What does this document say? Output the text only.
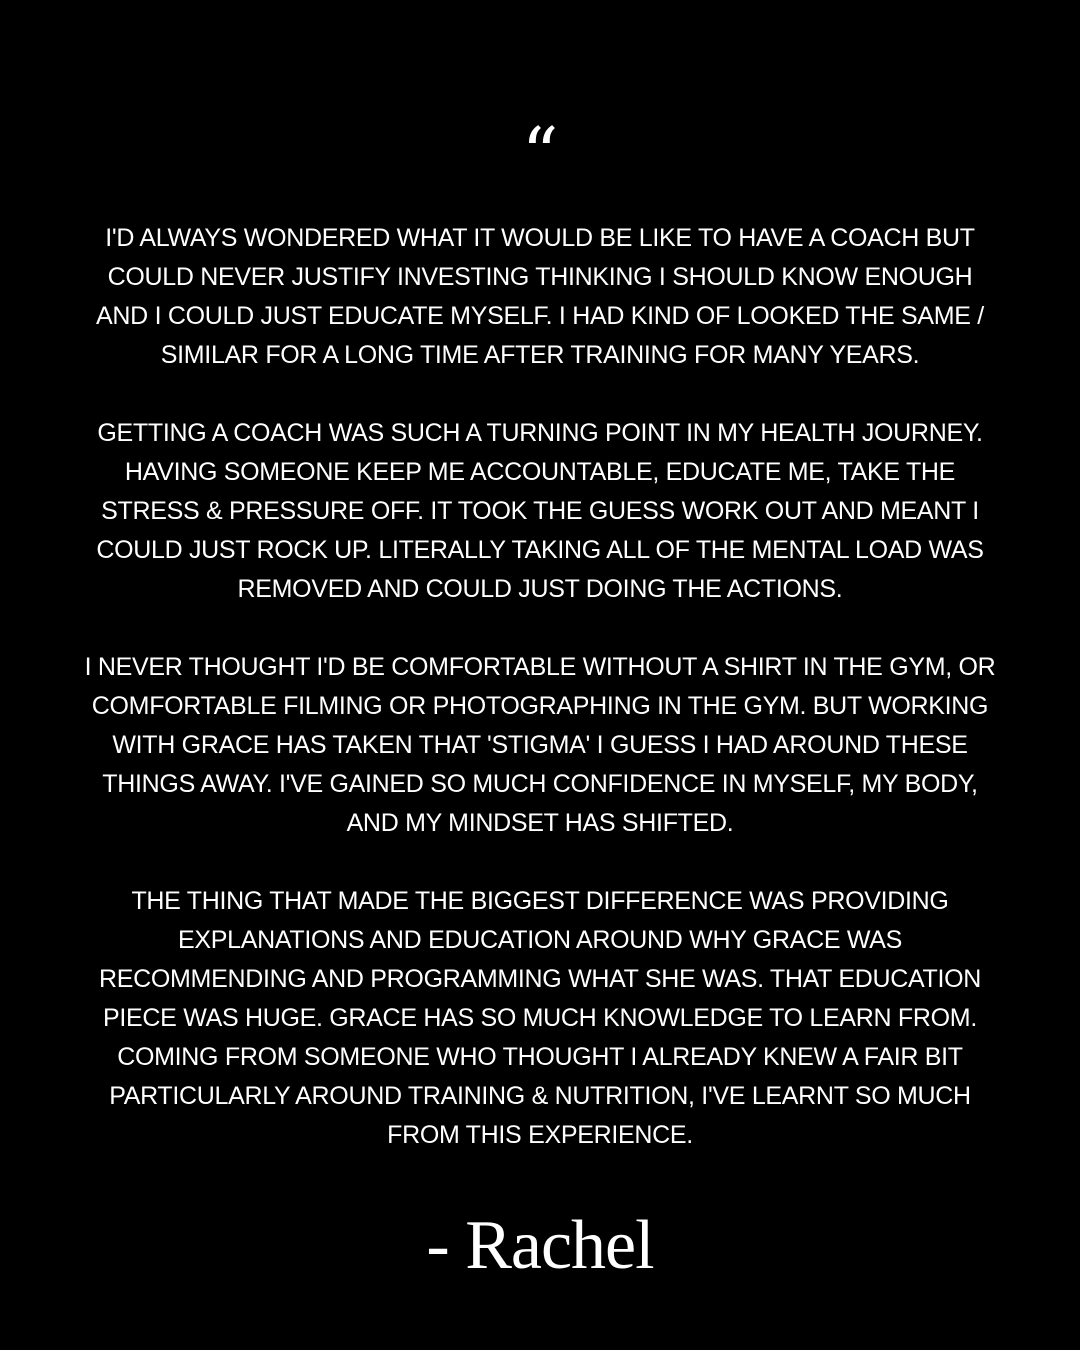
“

I'D ALWAYS WONDERED WHAT IT WOULD BE LIKE TO HAVE A COACH BUT COULD NEVER JUSTIFY INVESTING THINKING I SHOULD KNOW ENOUGH AND I COULD JUST EDUCATE MYSELF. I HAD KIND OF LOOKED THE SAME / SIMILAR FOR A LONG TIME AFTER TRAINING FOR MANY YEARS.

GETTING A COACH WAS SUCH A TURNING POINT IN MY HEALTH JOURNEY. HAVING SOMEONE KEEP ME ACCOUNTABLE, EDUCATE ME, TAKE THE STRESS & PRESSURE OFF. IT TOOK THE GUESS WORK OUT AND MEANT I COULD JUST ROCK UP. LITERALLY TAKING ALL OF THE MENTAL LOAD WAS REMOVED AND COULD JUST DOING THE ACTIONS.

I NEVER THOUGHT I'D BE COMFORTABLE WITHOUT A SHIRT IN THE GYM, OR COMFORTABLE FILMING OR PHOTOGRAPHING IN THE GYM. BUT WORKING WITH GRACE HAS TAKEN THAT 'STIGMA' I GUESS I HAD AROUND THESE THINGS AWAY. I'VE GAINED SO MUCH CONFIDENCE IN MYSELF, MY BODY, AND MY MINDSET HAS SHIFTED.

THE THING THAT MADE THE BIGGEST DIFFERENCE WAS PROVIDING EXPLANATIONS AND EDUCATION AROUND WHY GRACE WAS RECOMMENDING AND PROGRAMMING WHAT SHE WAS. THAT EDUCATION PIECE WAS HUGE. GRACE HAS SO MUCH KNOWLEDGE TO LEARN FROM. COMING FROM SOMEONE WHO THOUGHT I ALREADY KNEW A FAIR BIT PARTICULARLY AROUND TRAINING & NUTRITION, I'VE LEARNT SO MUCH FROM THIS EXPERIENCE.

- Rachel
